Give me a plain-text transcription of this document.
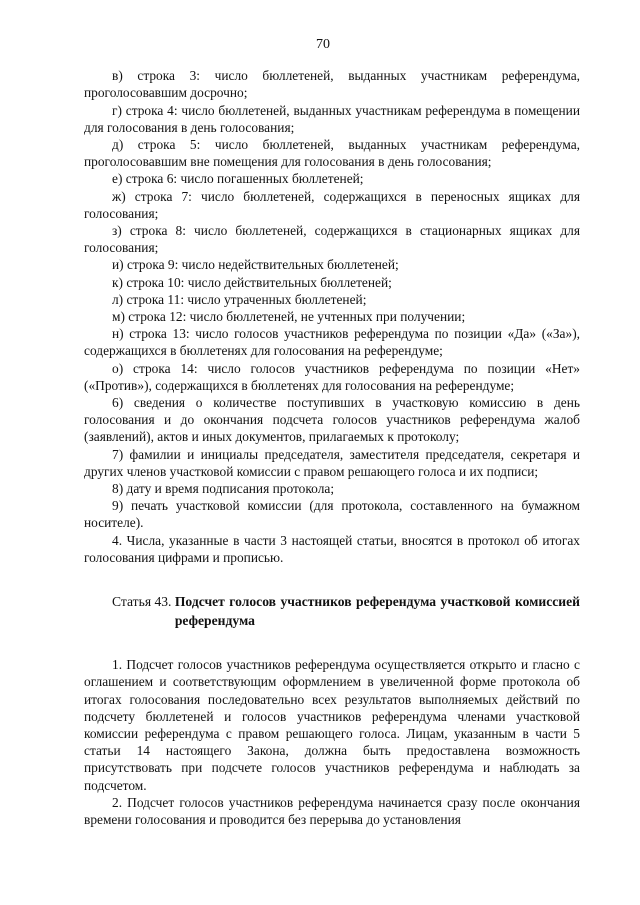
70

в) строка 3: число бюллетеней, выданных участникам референдума, проголосовавшим досрочно;

г) строка 4: число бюллетеней, выданных участникам референдума в помещении для голосования в день голосования;

д) строка 5: число бюллетеней, выданных участникам референдума, проголосовавшим вне помещения для голосования в день голосования;

е) строка 6: число погашенных бюллетеней;

ж) строка 7: число бюллетеней, содержащихся в переносных ящиках для голосования;

з) строка 8: число бюллетеней, содержащихся в стационарных ящиках для голосования;

и) строка 9: число недействительных бюллетеней;

к) строка 10: число действительных бюллетеней;

л) строка 11: число утраченных бюллетеней;

м) строка 12: число бюллетеней, не учтенных при получении;

н) строка 13: число голосов участников референдума по позиции «Да» («За»), содержащихся в бюллетенях для голосования на референдуме;

о) строка 14: число голосов участников референдума по позиции «Нет» («Против»), содержащихся в бюллетенях для голосования на референдуме;

6) сведения о количестве поступивших в участковую комиссию в день голосования и до окончания подсчета голосов участников референдума жалоб (заявлений), актов и иных документов, прилагаемых к протоколу;

7) фамилии и инициалы председателя, заместителя председателя, секретаря и других членов участковой комиссии с правом решающего голоса и их подписи;

8) дату и время подписания протокола;

9) печать участковой комиссии (для протокола, составленного на бумажном носителе).

4. Числа, указанные в части 3 настоящей статьи, вносятся в протокол об итогах голосования цифрами и прописью.

Статья 43. Подсчет голосов участников референдума участковой комиссией референдума

1. Подсчет голосов участников референдума осуществляется открыто и гласно с оглашением и соответствующим оформлением в увеличенной форме протокола об итогах голосования последовательно всех результатов выполняемых действий по подсчету бюллетеней и голосов участников референдума членами участковой комиссии референдума с правом решающего голоса. Лицам, указанным в части 5 статьи 14 настоящего Закона, должна быть предоставлена возможность присутствовать при подсчете голосов участников референдума и наблюдать за подсчетом.

2. Подсчет голосов участников референдума начинается сразу после окончания времени голосования и проводится без перерыва до установления
